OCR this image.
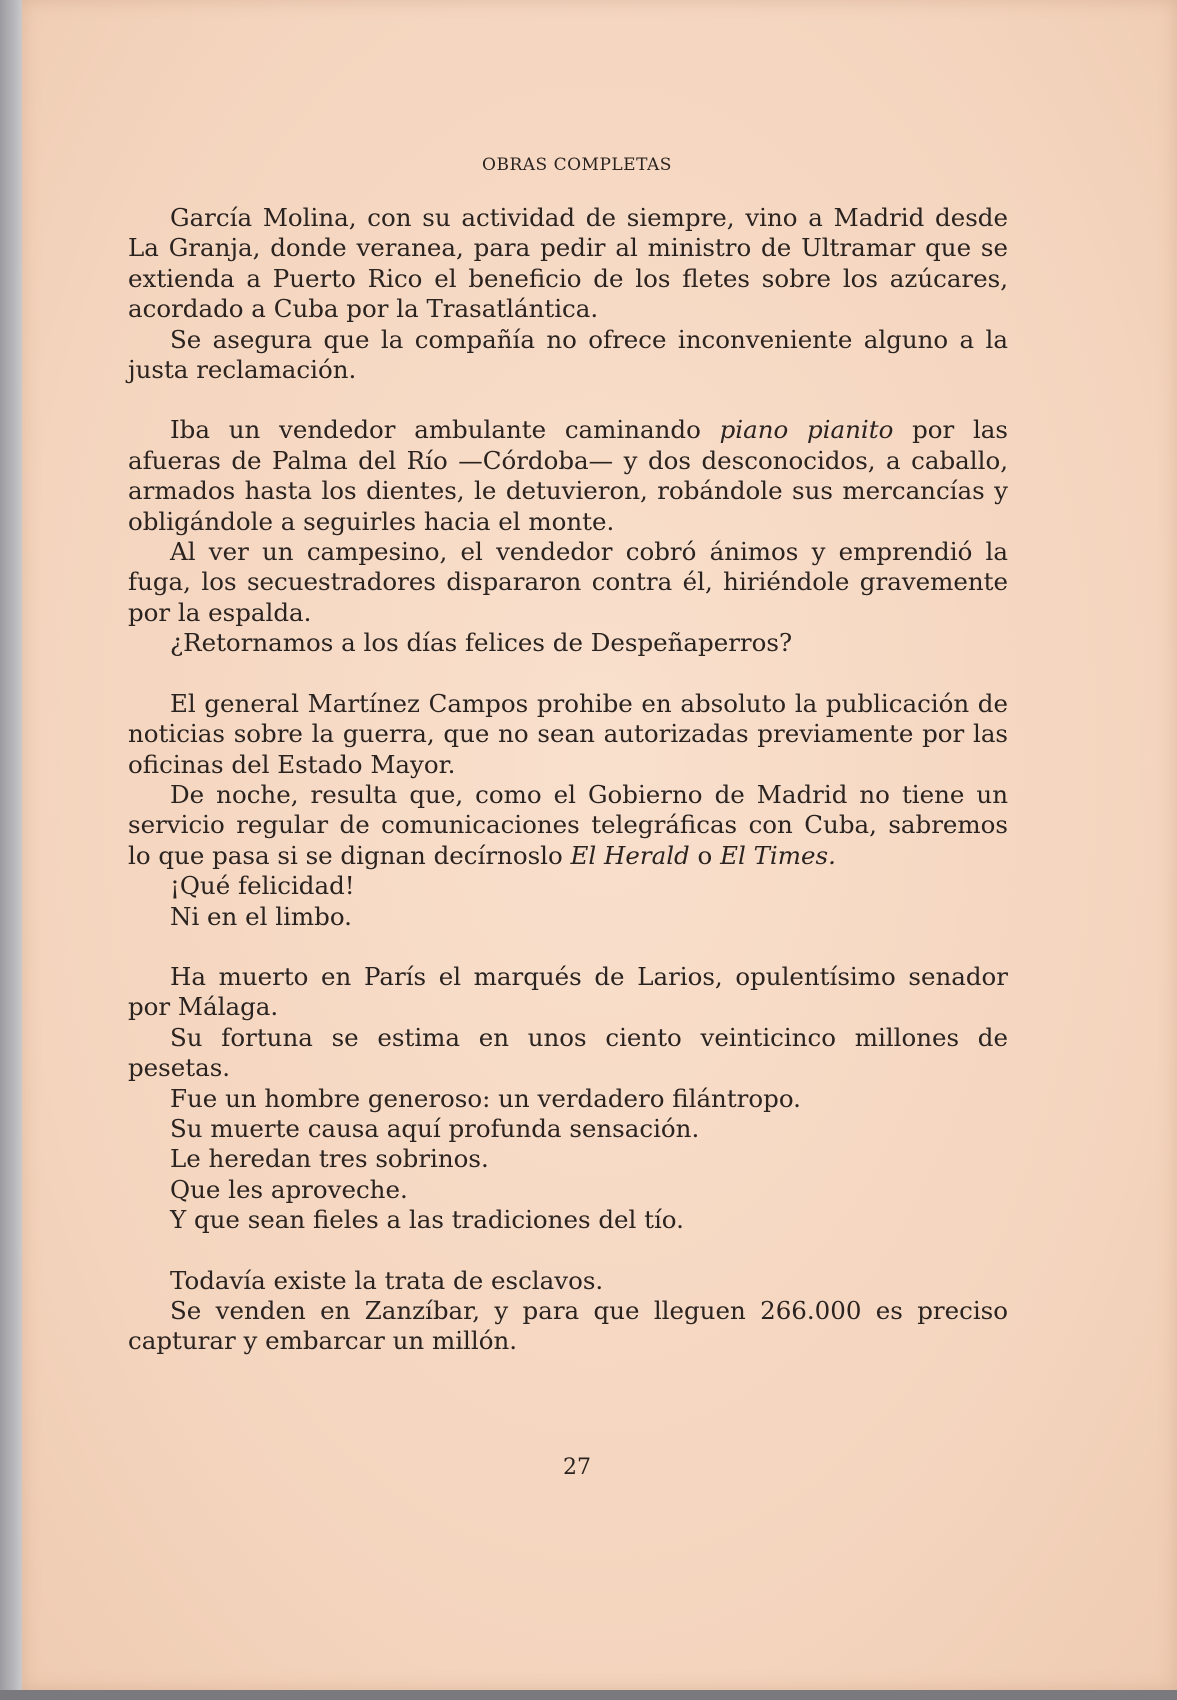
OBRAS COMPLETAS

García Molina, con su actividad de siempre, vino a Madrid desde La Granja, donde veranea, para pedir al ministro de Ultramar que se extienda a Puerto Rico el beneficio de los fletes sobre los azúcares, acordado a Cuba por la Trasatlántica.

Se asegura que la compañía no ofrece inconveniente alguno a la justa reclamación.

Iba un vendedor ambulante caminando piano pianito por las afueras de Palma del Río —Córdoba— y dos desconocidos, a caballo, armados hasta los dientes, le detuvieron, robándole sus mercancías y obligándole a seguirles hacia el monte.

Al ver un campesino, el vendedor cobró ánimos y emprendió la fuga, los secuestradores dispararon contra él, hiriéndole gravemente por la espalda.

¿Retornamos a los días felices de Despeñaperros?

El general Martínez Campos prohibe en absoluto la publicación de noticias sobre la guerra, que no sean autorizadas previamente por las oficinas del Estado Mayor.

De noche, resulta que, como el Gobierno de Madrid no tiene un servicio regular de comunicaciones telegráficas con Cuba, sabremos lo que pasa si se dignan decírnoslo El Herald o El Times.

¡Qué felicidad!

Ni en el limbo.

Ha muerto en París el marqués de Larios, opulentísimo senador por Málaga.

Su fortuna se estima en unos ciento veinticinco millones de pesetas.

Fue un hombre generoso: un verdadero filántropo.

Su muerte causa aquí profunda sensación.

Le heredan tres sobrinos.

Que les aproveche.

Y que sean fieles a las tradiciones del tío.

Todavía existe la trata de esclavos.

Se venden en Zanzíbar, y para que lleguen 266.000 es preciso capturar y embarcar un millón.

27
